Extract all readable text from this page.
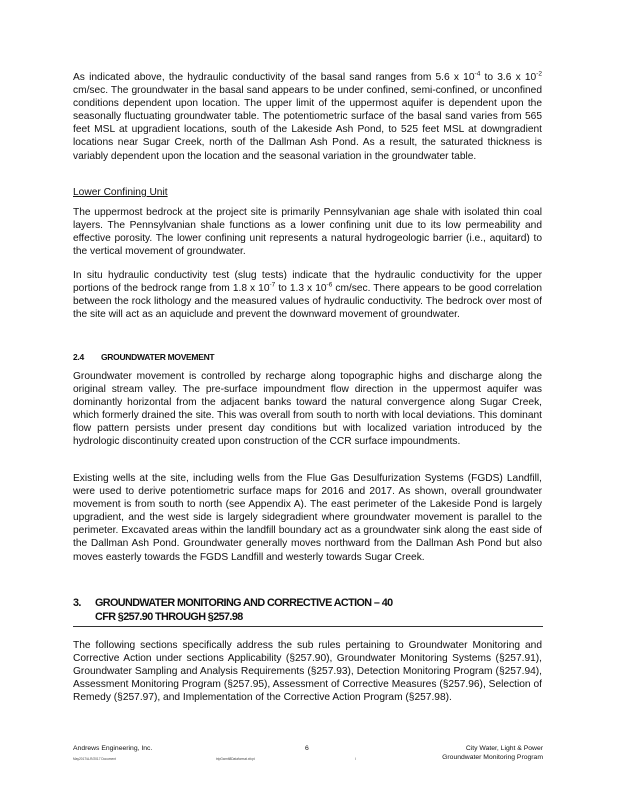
As indicated above, the hydraulic conductivity of the basal sand ranges from 5.6 x $10^{-4}$ to 3.6 x $10^{-2}$ cm/sec. The groundwater in the basal sand appears to be under confined, semi-confined, or unconfined conditions dependent upon location. The upper limit of the uppermost aquifer is dependent upon the seasonally fluctuating groundwater table. The potentiometric surface of the basal sand varies from 565 feet MSL at upgradient locations, south of the Lakeside Ash Pond, to 525 feet MSL at downgradient locations near Sugar Creek, north of the Dallman Ash Pond. As a result, the saturated thickness is variably dependent upon the location and the seasonal variation in the groundwater table.

Lower Confining Unit

The uppermost bedrock at the project site is primarily Pennsylvanian age shale with isolated thin coal layers. The Pennsylvanian shale functions as a lower confining unit due to its low permeability and effective porosity. The lower confining unit represents a natural hydrogeologic barrier (i.e., aquitard) to the vertical movement of groundwater.

In situ hydraulic conductivity test (slug tests) indicate that the hydraulic conductivity for the upper portions of the bedrock range from 1.8 x $10^{-7}$ to 1.3 x $10^{-6}$ cm/sec. There appears to be good correlation between the rock lithology and the measured values of hydraulic conductivity. The bedrock over most of the site will act as an aquiclude and prevent the downward movement of groundwater.

2.4 GROUNDWATER MOVEMENT

Groundwater movement is controlled by recharge along topographic highs and discharge along the original stream valley. The pre-surface impoundment flow direction in the uppermost aquifer was dominantly horizontal from the adjacent banks toward the natural convergence along Sugar Creek, which formerly drained the site. This was overall from south to north with local deviations. This dominant flow pattern persists under present day conditions but with localized variation introduced by the hydrologic discontinuity created upon construction of the CCR surface impoundments.

Existing wells at the site, including wells from the Flue Gas Desulfurization Systems (FGDS) Landfill, were used to derive potentiometric surface maps for 2016 and 2017. As shown, overall groundwater movement is from south to north (see Appendix A). The east perimeter of the Lakeside Pond is largely upgradient, and the west side is largely sidegradient where groundwater movement is parallel to the perimeter. Excavated areas within the landfill boundary act as a groundwater sink along the east side of the Dallman Ash Pond. Groundwater generally moves northward from the Dallman Ash Pond but also moves easterly towards the FGDS Landfill and westerly towards Sugar Creek.

3. GROUNDWATER MONITORING AND CORRECTIVE ACTION – 40
CFR §257.90 THROUGH §257.98

The following sections specifically address the sub rules pertaining to Groundwater Monitoring and Corrective Action under sections Applicability (§257.90), Groundwater Monitoring Systems (§257.91), Groundwater Sampling and Analysis Requirements (§257.93), Detection Monitoring Program (§257.94), Assessment Monitoring Program (§257.95), Assessment of Corrective Measures (§257.96), Selection of Remedy (§257.97), and Implementation of the Corrective Action Program (§257.98).

Andrews Engineering, Inc.	6	City Water, Light & Power

Groundwater Monitoring Program

May2017/A-R/2017 Document	tripGwmlt8Dataformat.xfcpt	I
